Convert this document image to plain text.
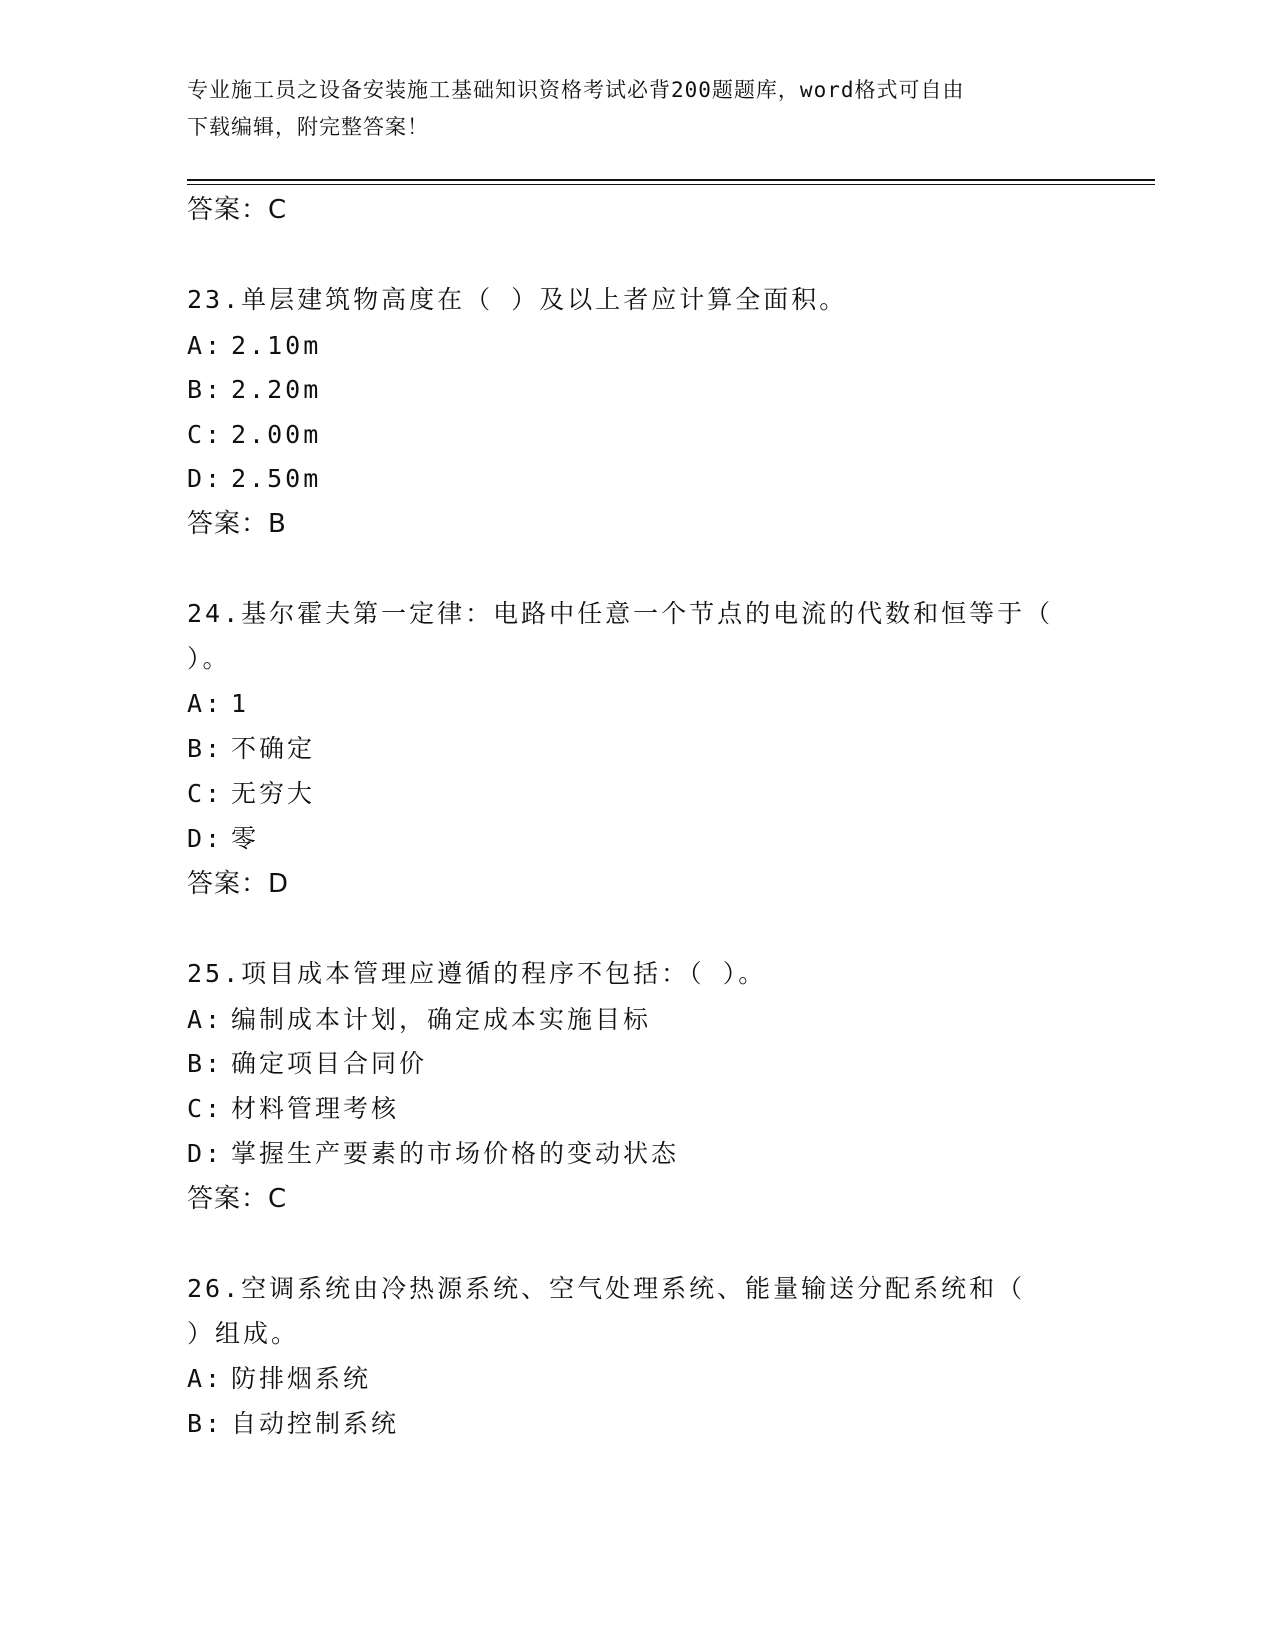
专业施工员之设备安装施工基础知识资格考试必背200题题库，word格式可自由
下载编辑，附完整答案！
答案：C
23.单层建筑物高度在（ ）及以上者应计算全面积。
A: 2.10m
B: 2.20m
C: 2.00m
D: 2.50m
答案：B
24.基尔霍夫第一定律：电路中任意一个节点的电流的代数和恒等于（
）。
A: 1
B: 不确定
C: 无穷大
D: 零
答案：D
25.项目成本管理应遵循的程序不包括：（ ）。
A: 编制成本计划，确定成本实施目标
B: 确定项目合同价
C: 材料管理考核
D: 掌握生产要素的市场价格的变动状态
答案：C
26.空调系统由冷热源系统、空气处理系统、能量输送分配系统和（
）组成。
A: 防排烟系统
B: 自动控制系统
